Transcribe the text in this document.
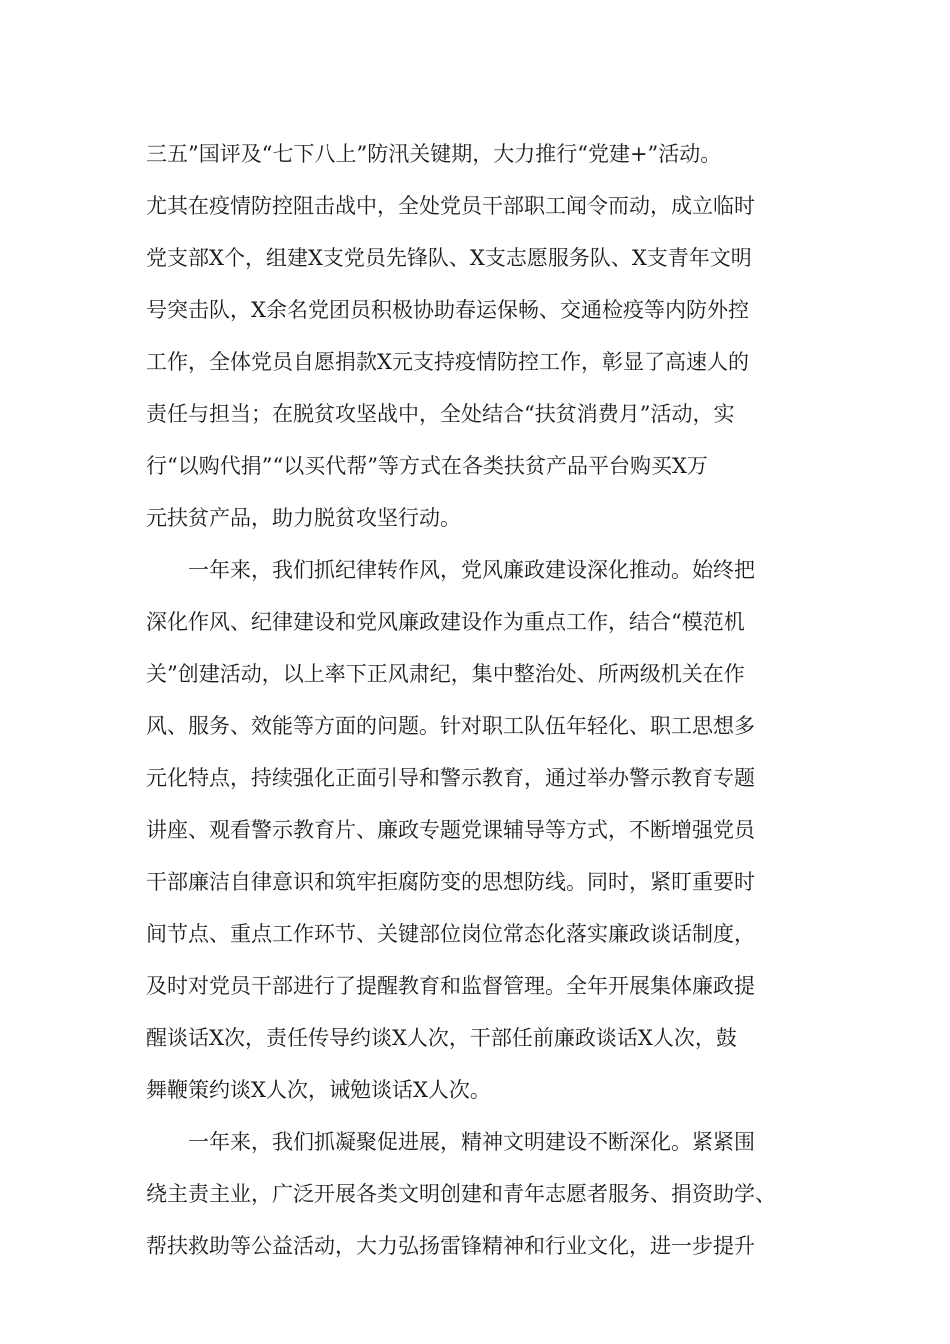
三五”国评及“七下八上”防汛关键期，大力推行“党建+”活动。
尤其在疫情防控阻击战中，全处党员干部职工闻令而动，成立临时
党支部X个，组建X支党员先锋队、X支志愿服务队、X支青年文明
号突击队，X余名党团员积极协助春运保畅、交通检疫等内防外控
工作，全体党员自愿捐款X元支持疫情防控工作，彰显了高速人的
责任与担当；在脱贫攻坚战中，全处结合“扶贫消费月”活动，实
行“以购代捐”“以买代帮”等方式在各类扶贫产品平台购买X万
元扶贫产品，助力脱贫攻坚行动。
一年来，我们抓纪律转作风，党风廉政建设深化推动。始终把
深化作风、纪律建设和党风廉政建设作为重点工作，结合“模范机
关”创建活动，以上率下正风肃纪，集中整治处、所两级机关在作
风、服务、效能等方面的问题。针对职工队伍年轻化、职工思想多
元化特点，持续强化正面引导和警示教育，通过举办警示教育专题
讲座、观看警示教育片、廉政专题党课辅导等方式，不断增强党员
干部廉洁自律意识和筑牢拒腐防变的思想防线。同时，紧盯重要时
间节点、重点工作环节、关键部位岗位常态化落实廉政谈话制度，
及时对党员干部进行了提醒教育和监督管理。全年开展集体廉政提
醒谈话X次，责任传导约谈X人次，干部任前廉政谈话X人次，鼓
舞鞭策约谈X人次，诫勉谈话X人次。
一年来，我们抓凝聚促进展，精神文明建设不断深化。紧紧围
绕主责主业，广泛开展各类文明创建和青年志愿者服务、捐资助学、
帮扶救助等公益活动，大力弘扬雷锋精神和行业文化，进一步提升
